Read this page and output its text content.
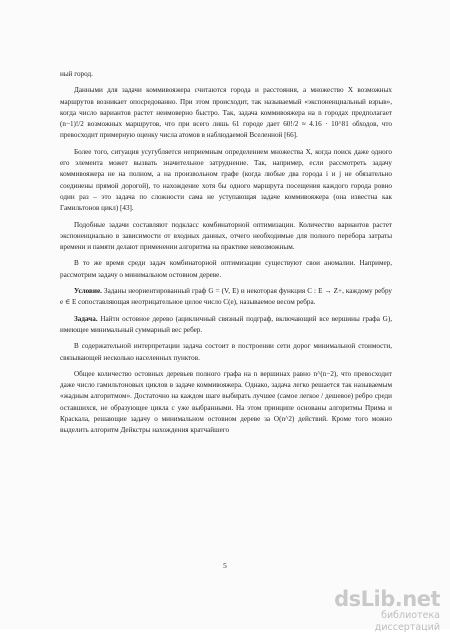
ный город.

Данными для задачи коммивояжера считаются города и расстояния, а множество X возможных маршрутов возникает опосредованно. При этом происходит, так называемый «экспоненциальный взрыв», когда число вариантов растет неимоверно быстро. Так, задача коммивояжера на n городах предполагает (n−1)!/2 возможных маршрутов, что при всего лишь 61 городе дает 60!/2 ≈ 4.16 · 10^81 обходов, что превосходит примерную оценку числа атомов в наблюдаемой Вселенной [66].

Более того, ситуация усугубляется неприемным определением множества X, когда поиск даже одного его элемента может вызвать значительное затруднение. Так, например, если рассмотреть задачу коммивояжера не на полном, а на произвольном графе (когда любые два города i и j не обязательно соединены прямой дорогой), то нахождение хотя бы одного маршрута посещения каждого города ровно один раз – это задача по сложности сама не уступающая задаче коммивояжера (она известна как Гамильтонов цикл) [43].

Подобные задачи составляют подкласс комбинаторной оптимизации. Количество вариантов растет экспоненциально в зависимости от входных данных, отчего необходимые для полного перебора затраты времени и памяти делают применении алгоритма на практике невозможным.

В то же время среди задач комбинаторной оптимизации существуют свои аномалии. Например, рассмотрим задачу о минимальном остовном дереве.

Условие. Заданы неориентированный граф G = (V, E) и некоторая функция C : E → Z+, каждому ребру e ∈ E сопоставляющая неотрицательное целое число C(e), называемое весом ребра.

Задача. Найти остовное дерево (ацикличный связный подграф, включающий все вершины графа G), имеющее минимальный суммарный вес ребер.

В содержательной интерпретации задача состоит в построении сети дорог минимальной стоимости, связывающей несколько населенных пунктов.

Общее количество остовных деревьев полного графа на n вершинах равно n^(n−2), что превосходит даже число гамильтоновых циклов в задаче коммивояжера. Однако, задача легко решается так называемым «жадным алгоритмом». Достаточно на каждом шаге выбирать лучшее (самое легкое / дешевое) ребро среди оставшихся, не образующее цикла с уже выбранными. На этом принципе основаны алгоритмы Прима и Краскала, решающие задачу о минимальном остовном дереве за O(n^2) действий. Кроме того можно выделить алгоритм Дейкстры нахождения кратчайшего

5
dsLib.net
библиотека диссертаций
